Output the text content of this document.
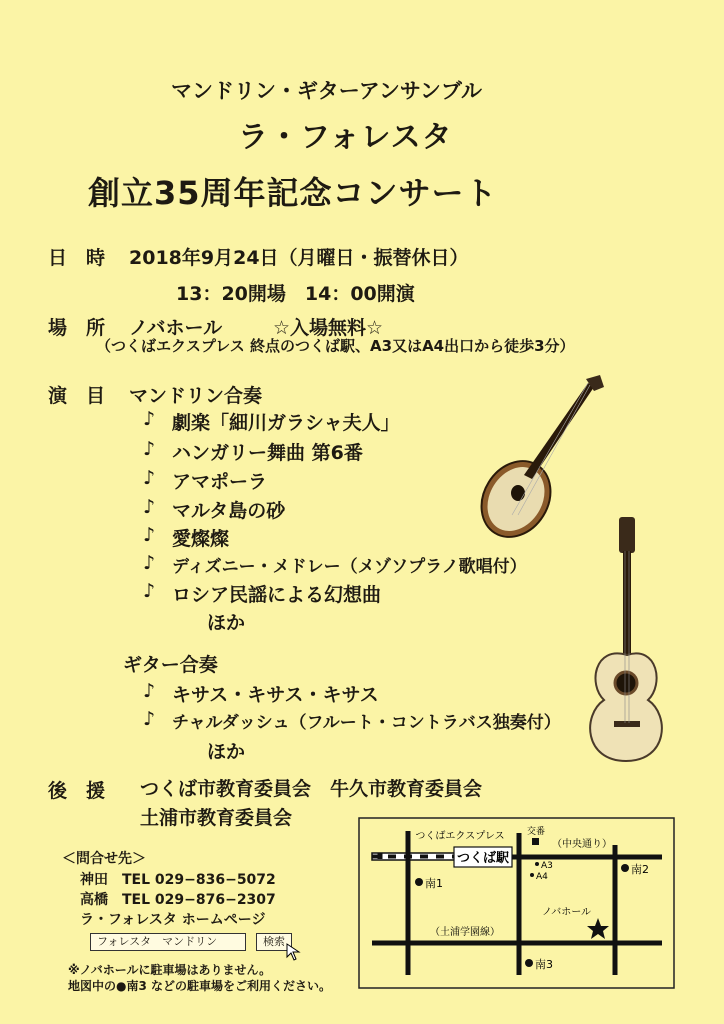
マンドリン・ギターアンサンブル
ラ・フォレスタ
創立35周年記念コンサート
日　時 2018年9月24日（月曜日・振替休日）
13：20開場　14：00開演
場　所 ノバホール	☆入場無料☆
（つくばエクスプレス 終点のつくば駅、A3又はA4出口から徒歩3分）
演　目 マンドリン合奏
♪ 劇楽「細川ガラシャ夫人」
♪ ハンガリー舞曲 第6番
♪ アマポーラ
♪ マルタ島の砂
♪ 愛燦燦
♪ ディズニー・メドレー（メゾソプラノ歌唱付）
♪ ロシア民謡による幻想曲
ほか
ギター合奏
♪ キサス・キサス・キサス
♪ チャルダッシュ（フルート・コントラバス独奏付）
ほか
後　援 つくば市教育委員会　牛久市教育委員会
土浦市教育委員会
＜問合せ先＞
神田　TEL 029−836−5072
高橋　TEL 029−876−2307
ラ・フォレスタ ホームページ
フォレスタ　マンドリン	検索
※ノバホールに駐車場はありません。
地図中の●南3 などの駐車場をご利用ください。
つくば駅
つくばエクスプレス 交番
（中央通り）
A3
A4
南1
南2
南3
ノバホール
（土浦学園線）
